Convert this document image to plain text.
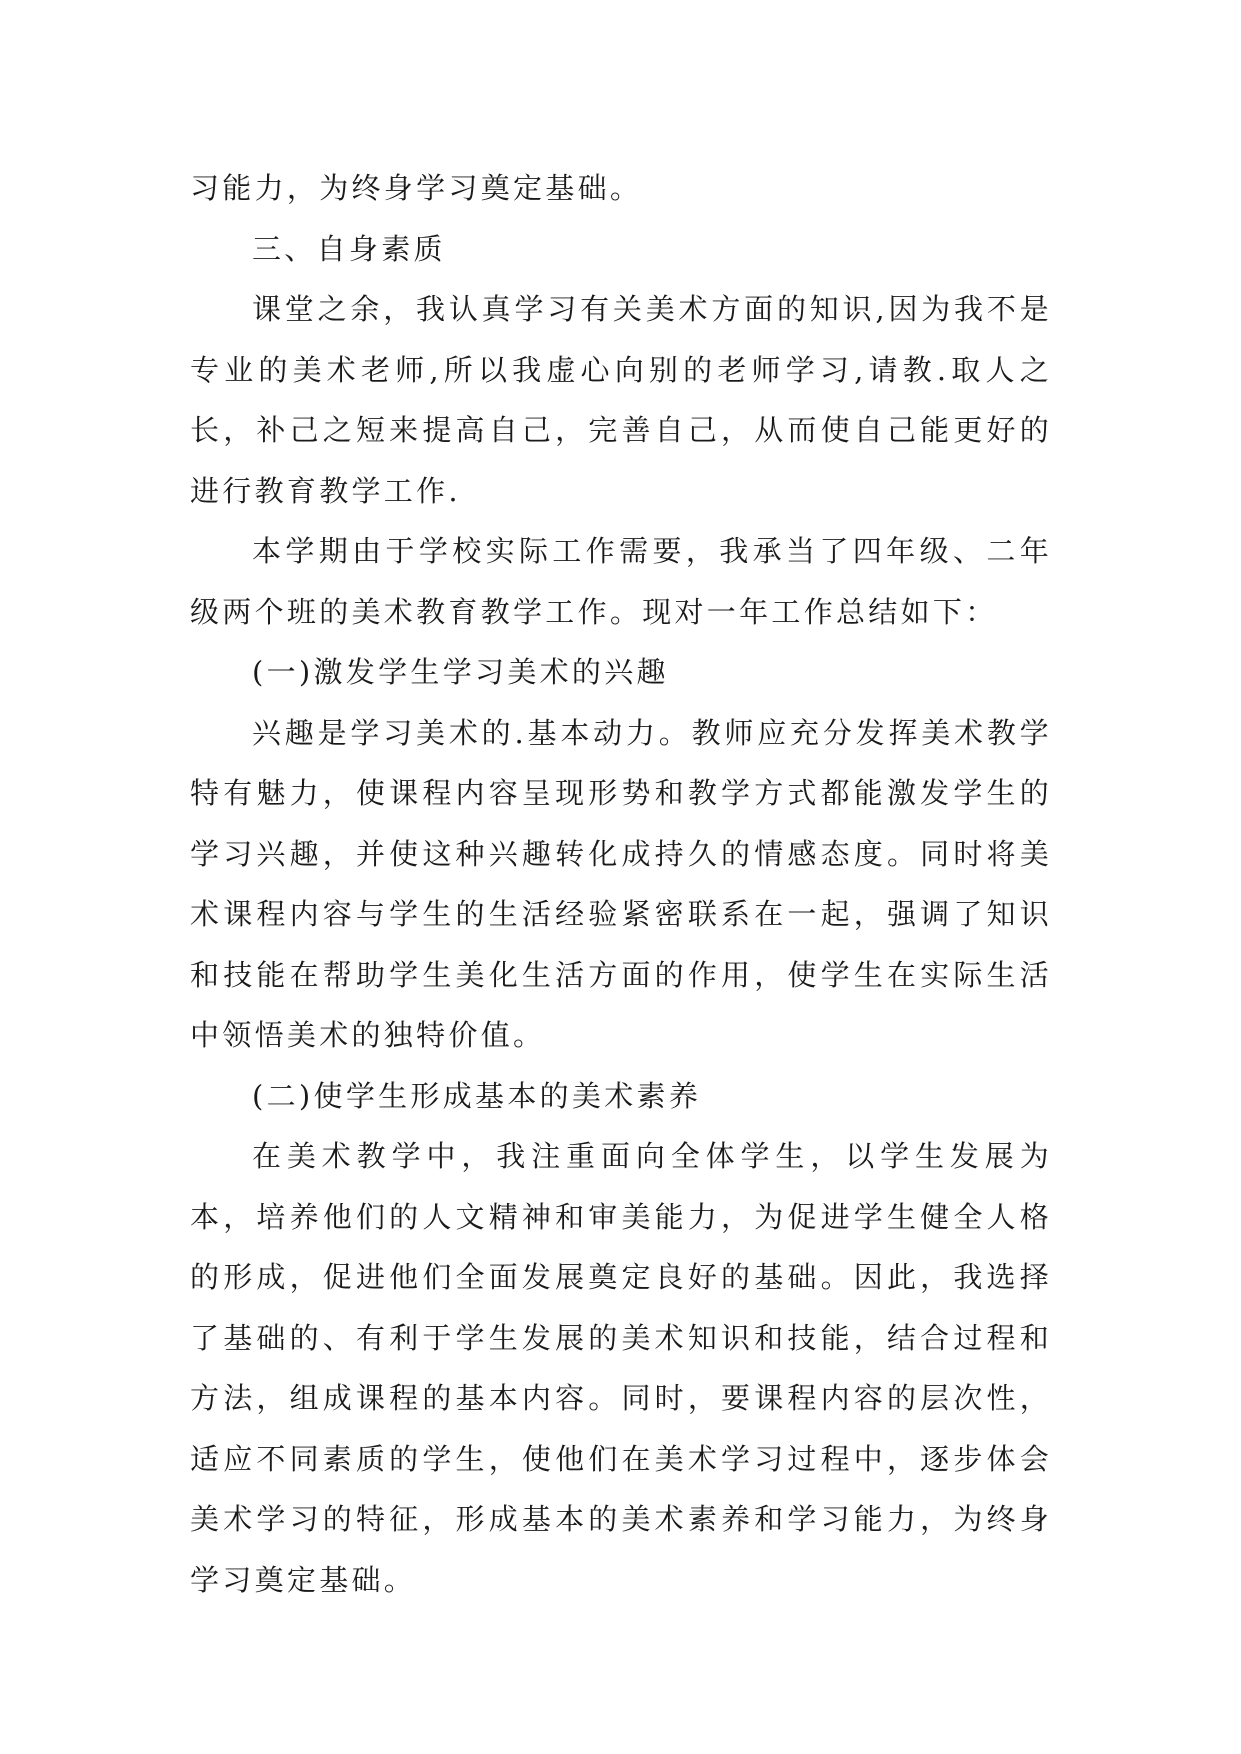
习能力，为终身学习奠定基础。

三、自身素质

课堂之余，我认真学习有关美术方面的知识,因为我不是专业的美术老师,所以我虚心向别的老师学习,请教.取人之长，补己之短来提高自己，完善自己，从而使自己能更好的进行教育教学工作.

本学期由于学校实际工作需要，我承当了四年级、二年级两个班的美术教育教学工作。现对一年工作总结如下：

(一)激发学生学习美术的兴趣

兴趣是学习美术的.基本动力。教师应充分发挥美术教学特有魅力，使课程内容呈现形势和教学方式都能激发学生的学习兴趣，并使这种兴趣转化成持久的情感态度。同时将美术课程内容与学生的生活经验紧密联系在一起，强调了知识和技能在帮助学生美化生活方面的作用，使学生在实际生活中领悟美术的独特价值。

(二)使学生形成基本的美术素养

在美术教学中，我注重面向全体学生，以学生发展为本，培养他们的人文精神和审美能力，为促进学生健全人格的形成，促进他们全面发展奠定良好的基础。因此，我选择了基础的、有利于学生发展的美术知识和技能，结合过程和方法，组成课程的基本内容。同时，要课程内容的层次性，适应不同素质的学生，使他们在美术学习过程中，逐步体会美术学习的特征，形成基本的美术素养和学习能力，为终身学习奠定基础。
